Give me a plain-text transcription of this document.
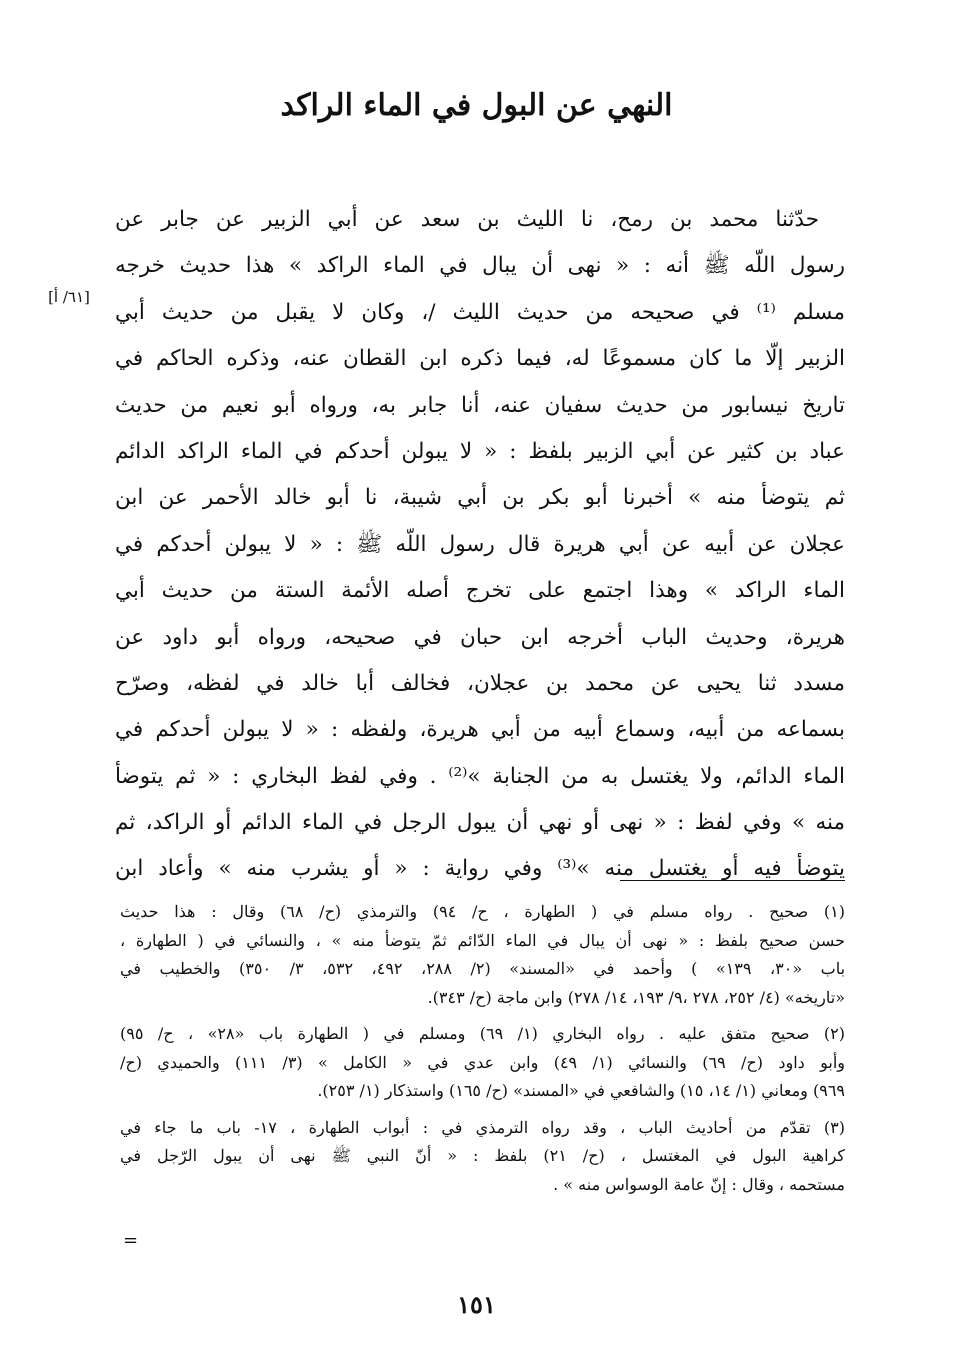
النهي عن البول في الماء الراكد
[٦١/ أ]
حدّثنا محمد بن رمح، نا الليث بن سعد عن أبي الزبير عن جابر عن
رسول اللّه ﷺ أنه : « نهى أن يبال في الماء الراكد » هذا حديث خرجه
مسلم ⁽¹⁾ في صحيحه من حديث الليث /، وكان لا يقبل من حديث أبي
الزبير إلّا ما كان مسموعًا له، فيما ذكره ابن القطان عنه، وذكره الحاكم في
تاريخ نيسابور من حديث سفيان عنه، أنا جابر به، ورواه أبو نعيم من حديث
عباد بن كثير عن أبي الزبير بلفظ : « لا يبولن أحدكم في الماء الراكد الدائم
ثم يتوضأ منه » أخبرنا أبو بكر بن أبي شيبة، نا أبو خالد الأحمر عن ابن
عجلان عن أبيه عن أبي هريرة قال رسول اللّه ﷺ : « لا يبولن أحدكم في
الماء الراكد » وهذا اجتمع على تخرج أصله الأئمة الستة من حديث أبي
هريرة، وحديث الباب أخرجه ابن حبان في صحيحه، ورواه أبو داود عن
مسدد ثنا يحيى عن محمد بن عجلان، فخالف أبا خالد في لفظه، وصرّح
بسماعه من أبيه، وسماع أبيه من أبي هريرة، ولفظه : « لا يبولن أحدكم في
الماء الدائم، ولا يغتسل به من الجنابة »⁽²⁾ . وفي لفظ البخاري : « ثم يتوضأ
منه » وفي لفظ : « نهى أو نهي أن يبول الرجل في الماء الدائم أو الراكد، ثم
يتوضأ فيه أو يغتسل منه »⁽³⁾ وفي رواية : « أو يشرب منه » وأعاد ابن
(١) صحيح . رواه مسلم في ( الطهارة ، ح/ ٩٤) والترمذي (ح/ ٦٨) وقال : هذا حديث
حسن صحيح بلفظ : « نهى أن يبال في الماء الدّائم ثمّ يتوضأ منه » ، والنسائي في ( الطهارة ،
باب «٣٠، ١٣٩» ) وأحمد في «المسند» (٢/ ٢٨٨، ٤٩٢، ٥٣٢، ٣/ ٣٥٠) والخطيب في
«تاريخه» (٤/ ٢٥٢، ٢٧٨ ،٩/ ١٩٣، ١٤/ ٢٧٨) وابن ماجة (ح/ ٣٤٣).
(٢) صحيح متفق عليه . رواه البخاري (١/ ٦٩) ومسلم في ( الطهارة باب «٢٨» ، ح/ ٩٥)
وأبو داود (ح/ ٦٩) والنسائي (١/ ٤٩) وابن عدي في « الكامل » (٣/ ١١١) والحميدي (ح/
٩٦٩) ومعاني (١/ ١٤، ١٥) والشافعي في «المسند» (ح/ ١٦٥) واستذكار (١/ ٢٥٣).
(٣) تقدّم من أحاديث الباب ، وقد رواه الترمذي في : أبواب الطهارة ، ١٧- باب ما جاء في
كراهية البول في المغتسل ، (ح/ ٢١) بلفظ : « أنّ النبي ﷺ نهى أن يبول الرّجل في
مستحمه ، وقال : إنّ عامة الوسواس منه » .
=
١٥١
